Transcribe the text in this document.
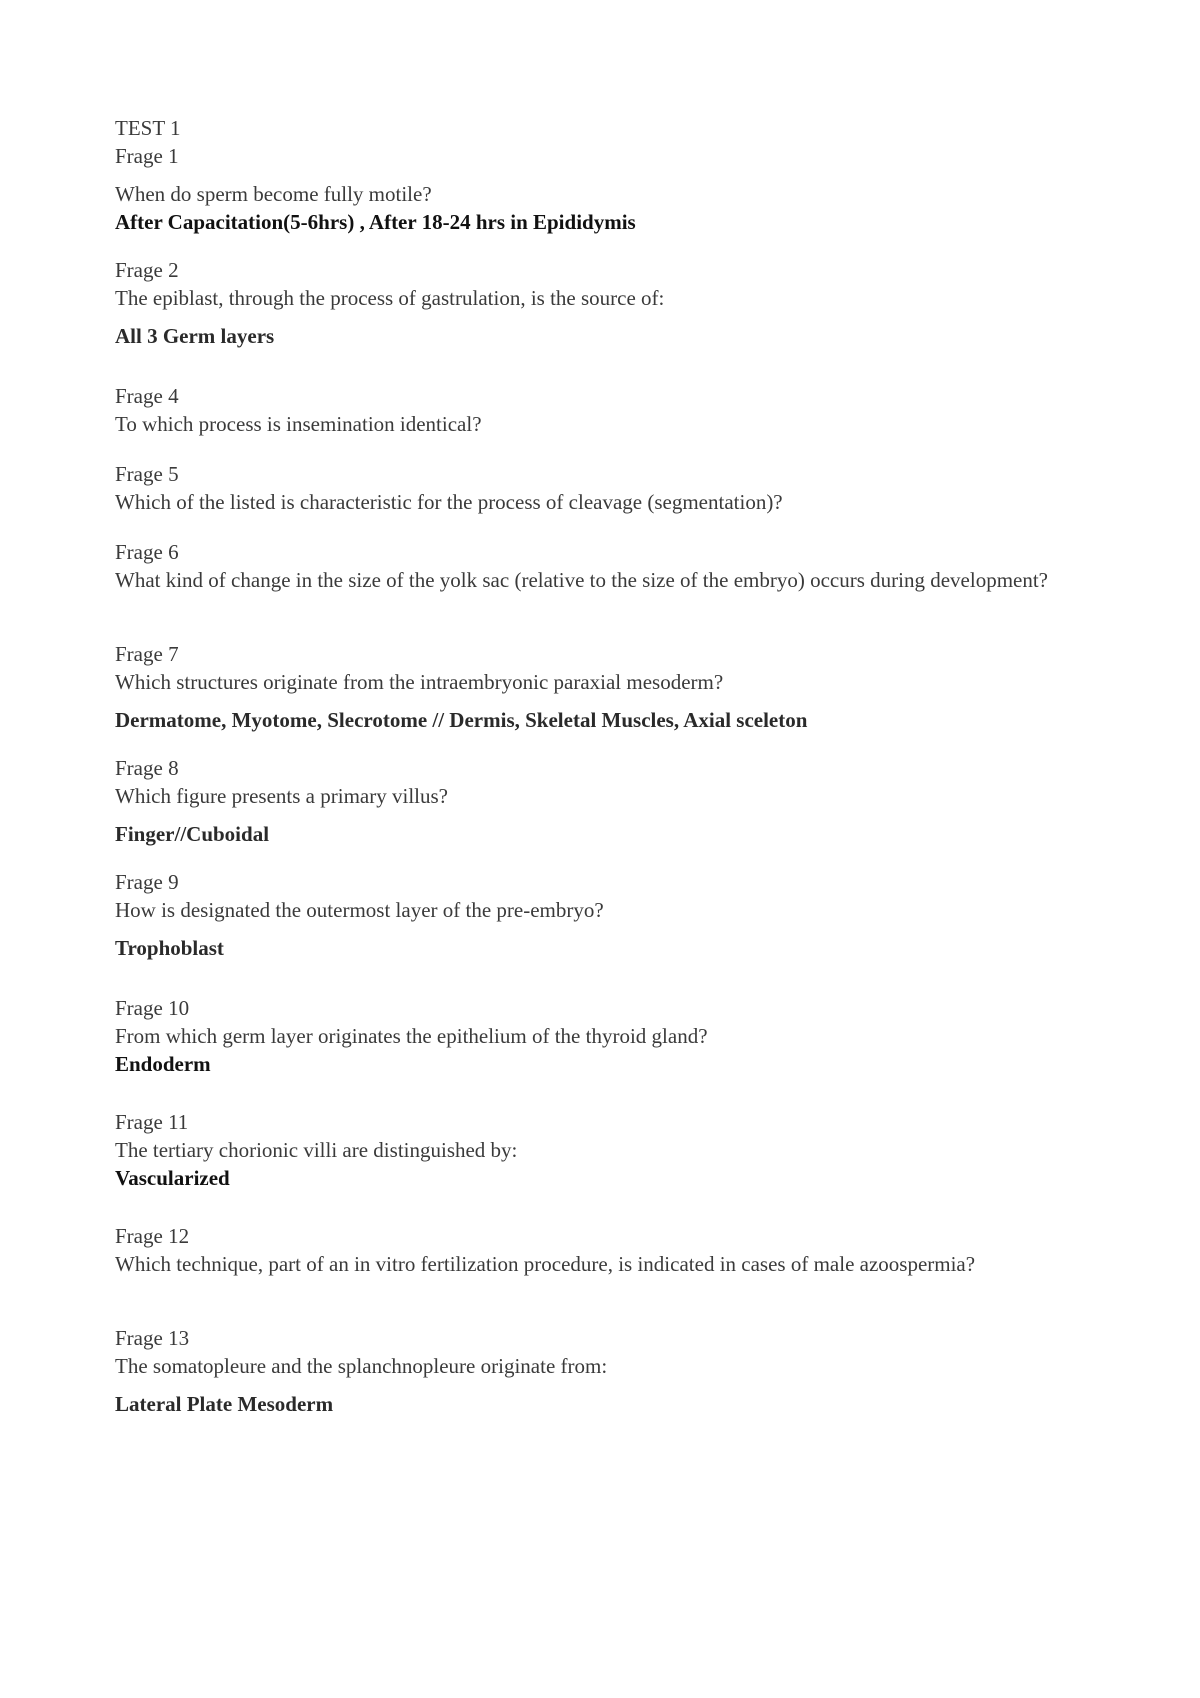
TEST 1

Frage 1

When do sperm become fully motile?

After Capacitation(5-6hrs) , After 18-24 hrs in Epididymis

Frage 2

The epiblast, through the process of gastrulation, is the source of:

All 3 Germ layers

Frage 4

To which process is insemination identical?

Frage 5

Which of the listed is characteristic for the process of cleavage (segmentation)?

Frage 6

What kind of change in the size of the yolk sac (relative to the size of the embryo) occurs during development?

Frage 7

Which structures originate from the intraembryonic paraxial mesoderm?

Dermatome, Myotome, Slecrotome // Dermis, Skeletal Muscles, Axial sceleton

Frage 8

Which figure presents a primary villus?

Finger//Cuboidal

Frage 9

How is designated the outermost layer of the pre-embryo?

Trophoblast

Frage 10

From which germ layer originates the epithelium of the thyroid gland?

Endoderm

Frage 11

The tertiary chorionic villi are distinguished by:

Vascularized

Frage 12

Which technique, part of an in vitro fertilization procedure, is indicated in cases of male azoospermia?

Frage 13

The somatopleure and the splanchnopleure originate from:

Lateral Plate Mesoderm
